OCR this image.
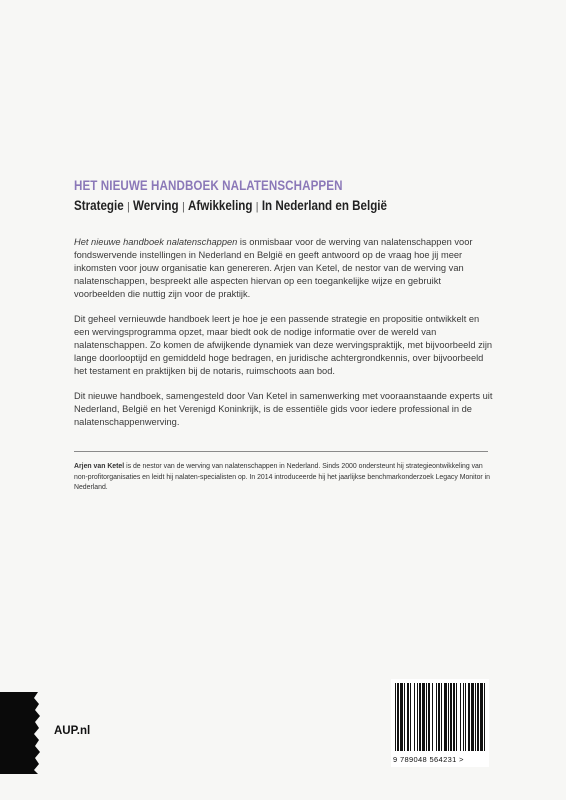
HET NIEUWE HANDBOEK NALATENSCHAPPEN
Strategie | Werving | Afwikkeling | In Nederland en België

Het nieuwe handboek nalatenschappen is onmisbaar voor de werving van nalatenschappen voor fondswervende instellingen in Nederland en België en geeft antwoord op de vraag hoe jij meer inkomsten voor jouw organisatie kan genereren. Arjen van Ketel, de nestor van de werving van nalatenschappen, bespreekt alle aspecten hiervan op een toegankelijke wijze en gebruikt voorbeelden die nuttig zijn voor de praktijk.

Dit geheel vernieuwde handboek leert je hoe je een passende strategie en propositie ontwikkelt en een wervingsprogramma opzet, maar biedt ook de nodige informatie over de wereld van nalatenschappen. Zo komen de afwijkende dynamiek van deze wervingspraktijk, met bijvoorbeeld zijn lange doorlooptijd en gemiddeld hoge bedragen, en juridische achtergrondkennis, over bijvoorbeeld het testament en praktijken bij de notaris, ruimschoots aan bod.

Dit nieuwe handboek, samengesteld door Van Ketel in samenwerking met vooraanstaande experts uit Nederland, België en het Verenigd Koninkrijk, is de essentiële gids voor iedere professional in de nalatenschappenwerving.

Arjen van Ketel is de nestor van de werving van nalatenschappen in Nederland. Sinds 2000 ondersteunt hij strategieontwikkeling van non-profitorganisaties en leidt hij nalaten-specialisten op. In 2014 introduceerde hij het jaarlijkse benchmarkonderzoek Legacy Monitor in Nederland.
AUP.nl
9 789048 564231 >
